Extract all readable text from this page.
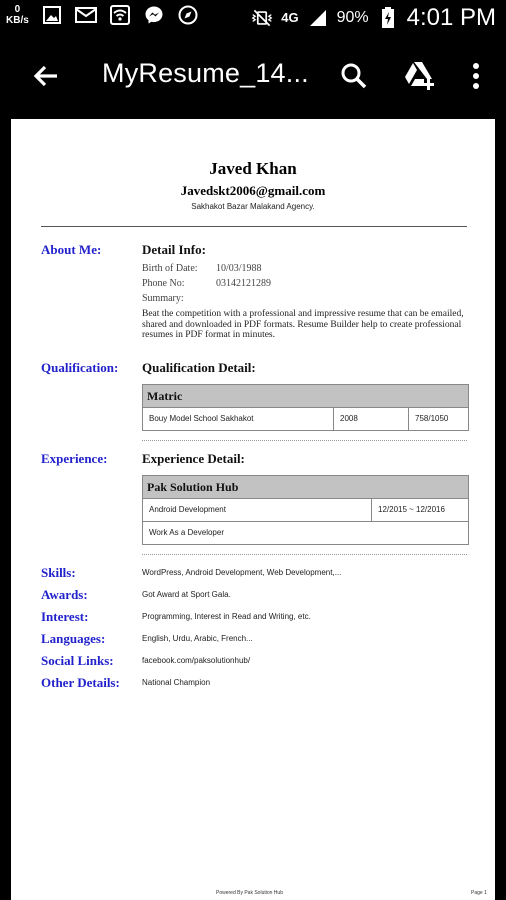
0
KB/s	4G 90% 4:01 PM
MyResume_14...
Javed Khan
Javedskt2006@gmail.com
Sakhakot Bazar Malakand Agency.
About Me:	Detail Info:
Birth of Date: 10/03/1988
Phone No:	03142121289
Summary:
Beat the competition with a professional and impressive resume that can be emailed, shared and downloaded in PDF formats. Resume Builder help to create professional resumes in PDF format in minutes.
Qualification: Qualification Detail:
Matric
Bouy Model School Sakhakot	2008	758/1050
Experience:	Experience Detail:
Pak Solution Hub
Android Development	12/2015 ~ 12/2016
Work As a Developer
Skills:	WordPress, Android Development, Web Development,...
Awards:	Got Award at Sport Gala.
Interest:	Programming, Interest in Read and Writing, etc.
Languages:	English, Urdu, Arabic, French...
Social Links:	facebook.com/paksolutionhub/
Other Details:	National Champion
Powered By Pak Solution Hub	Page 1
